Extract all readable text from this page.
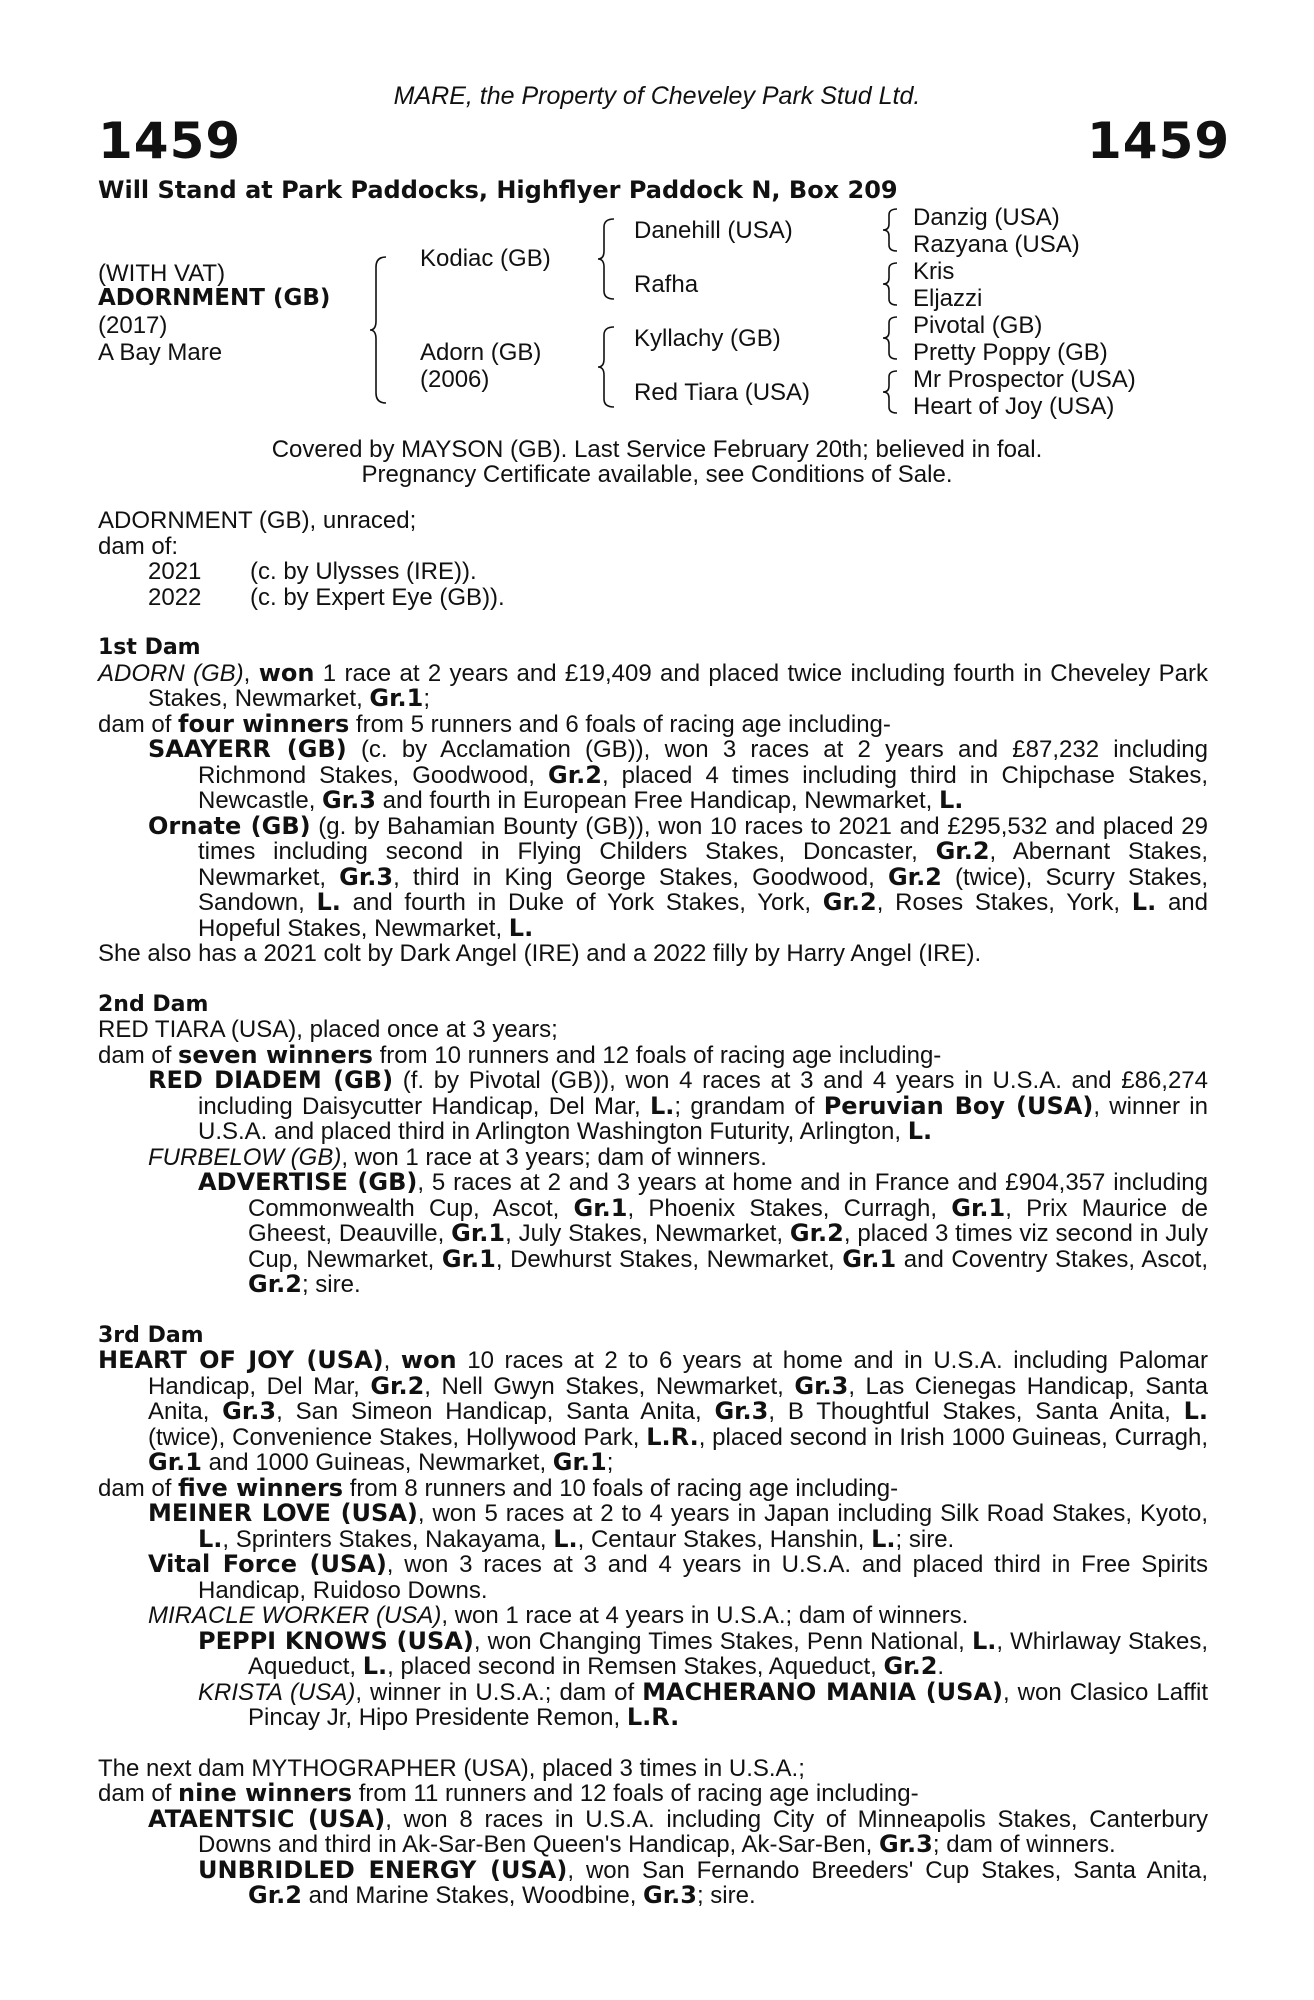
MARE, the Property of Cheveley Park Stud Ltd.
1459	1459
Will Stand at Park Paddocks, Highflyer Paddock N, Box 209
(WITH VAT)
ADORNMENT (GB)
(2017)
A Bay Mare
Kodiac (GB)
Adorn (GB)
(2006)
Danehill (USA)
Rafha
Kyllachy (GB)
Red Tiara (USA)
Danzig (USA)
Razyana (USA)
Kris
Eljazzi
Pivotal (GB)
Pretty Poppy (GB)
Mr Prospector (USA)
Heart of Joy (USA)
Covered by MAYSON (GB). Last Service February 20th; believed in foal.
Pregnancy Certificate available, see Conditions of Sale.

ADORNMENT (GB), unraced;

dam of:

2021 (c. by Ulysses (IRE)).

2022 (c. by Expert Eye (GB)).

1st Dam

ADORN (GB), won 1 race at 2 years and £19,409 and placed twice including fourth in Cheveley Park Stakes, Newmarket, Gr.1;

dam of four winners from 5 runners and 6 foals of racing age including-

SAAYERR (GB) (c. by Acclamation (GB)), won 3 races at 2 years and £87,232 including Richmond Stakes, Goodwood, Gr.2, placed 4 times including third in Chipchase Stakes, Newcastle, Gr.3 and fourth in European Free Handicap, Newmarket, L.

Ornate (GB) (g. by Bahamian Bounty (GB)), won 10 races to 2021 and £295,532 and placed 29 times including second in Flying Childers Stakes, Doncaster, Gr.2, Abernant Stakes, Newmarket, Gr.3, third in King George Stakes, Goodwood, Gr.2 (twice), Scurry Stakes, Sandown, L. and fourth in Duke of York Stakes, York, Gr.2, Roses Stakes, York, L. and Hopeful Stakes, Newmarket, L.

She also has a 2021 colt by Dark Angel (IRE) and a 2022 filly by Harry Angel (IRE).

2nd Dam

RED TIARA (USA), placed once at 3 years;

dam of seven winners from 10 runners and 12 foals of racing age including-

RED DIADEM (GB) (f. by Pivotal (GB)), won 4 races at 3 and 4 years in U.S.A. and £86,274 including Daisycutter Handicap, Del Mar, L.; grandam of Peruvian Boy (USA), winner in U.S.A. and placed third in Arlington Washington Futurity, Arlington, L.

FURBELOW (GB), won 1 race at 3 years; dam of winners.

ADVERTISE (GB), 5 races at 2 and 3 years at home and in France and £904,357 including Commonwealth Cup, Ascot, Gr.1, Phoenix Stakes, Curragh, Gr.1, Prix Maurice de Gheest, Deauville, Gr.1, July Stakes, Newmarket, Gr.2, placed 3 times viz second in July Cup, Newmarket, Gr.1, Dewhurst Stakes, Newmarket, Gr.1 and Coventry Stakes, Ascot, Gr.2; sire.

3rd Dam

HEART OF JOY (USA), won 10 races at 2 to 6 years at home and in U.S.A. including Palomar Handicap, Del Mar, Gr.2, Nell Gwyn Stakes, Newmarket, Gr.3, Las Cienegas Handicap, Santa Anita, Gr.3, San Simeon Handicap, Santa Anita, Gr.3, B Thoughtful Stakes, Santa Anita, L. (twice), Convenience Stakes, Hollywood Park, L.R., placed second in Irish 1000 Guineas, Curragh, Gr.1 and 1000 Guineas, Newmarket, Gr.1;

dam of five winners from 8 runners and 10 foals of racing age including-

MEINER LOVE (USA), won 5 races at 2 to 4 years in Japan including Silk Road Stakes, Kyoto, L., Sprinters Stakes, Nakayama, L., Centaur Stakes, Hanshin, L.; sire.

Vital Force (USA), won 3 races at 3 and 4 years in U.S.A. and placed third in Free Spirits Handicap, Ruidoso Downs.

MIRACLE WORKER (USA), won 1 race at 4 years in U.S.A.; dam of winners.

PEPPI KNOWS (USA), won Changing Times Stakes, Penn National, L., Whirlaway Stakes, Aqueduct, L., placed second in Remsen Stakes, Aqueduct, Gr.2.

KRISTA (USA), winner in U.S.A.; dam of MACHERANO MANIA (USA), won Clasico Laffit Pincay Jr, Hipo Presidente Remon, L.R.

The next dam MYTHOGRAPHER (USA), placed 3 times in U.S.A.;

dam of nine winners from 11 runners and 12 foals of racing age including-

ATAENTSIC (USA), won 8 races in U.S.A. including City of Minneapolis Stakes, Canterbury Downs and third in Ak-Sar-Ben Queen's Handicap, Ak-Sar-Ben, Gr.3; dam of winners.

UNBRIDLED ENERGY (USA), won San Fernando Breeders' Cup Stakes, Santa Anita, Gr.2 and Marine Stakes, Woodbine, Gr.3; sire.
